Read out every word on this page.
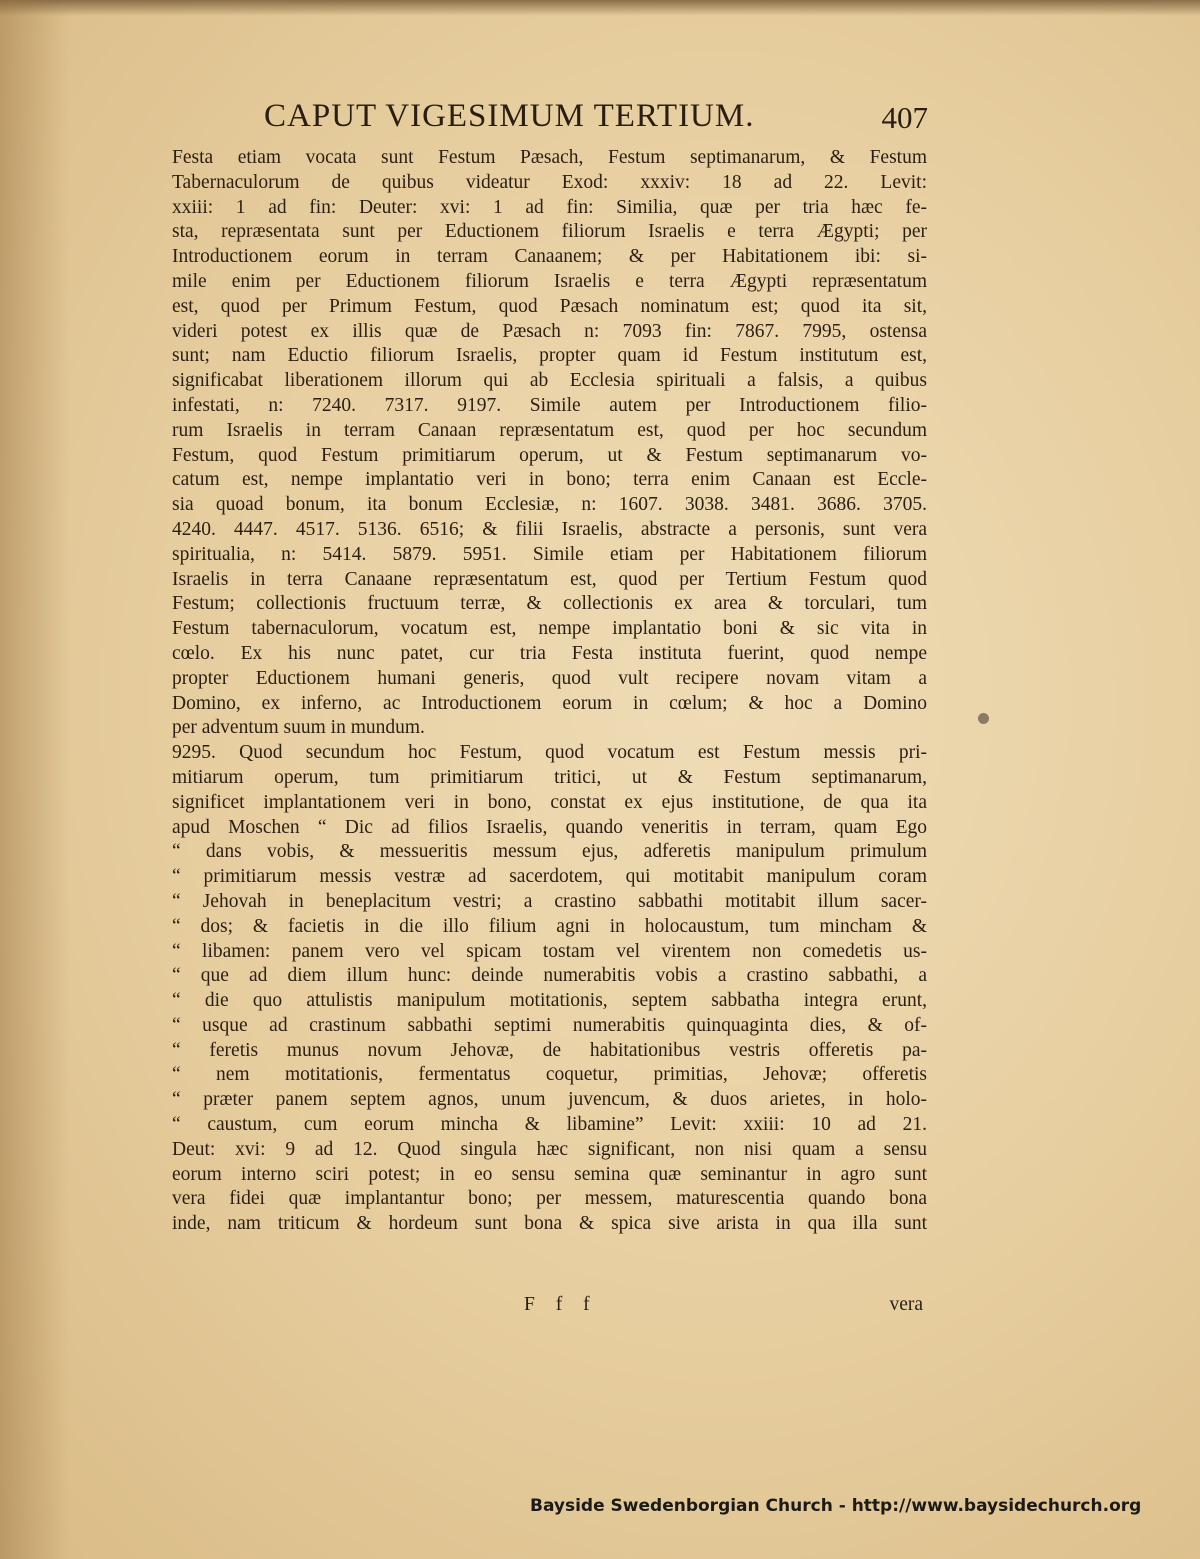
CAPUT VIGESIMUM TERTIUM.	407
Festa etiam vocata sunt Festum Pæsach, Festum septimanarum, & Festum
Tabernaculorum de quibus videatur Exod: xxxiv: 18 ad 22. Levit:
xxiii: 1 ad fin: Deuter: xvi: 1 ad fin: Similia, quæ per tria hæc fe-
sta, repræsentata sunt per Eductionem filiorum Israelis e terra Ægypti; per
Introductionem eorum in terram Canaanem; & per Habitationem ibi: si-
mile enim per Eductionem filiorum Israelis e terra Ægypti repræsentatum
est, quod per Primum Festum, quod Pæsach nominatum est; quod ita sit,
videri potest ex illis quæ de Pæsach n: 7093 fin: 7867. 7995, ostensa
sunt; nam Eductio filiorum Israelis, propter quam id Festum institutum est,
significabat liberationem illorum qui ab Ecclesia spirituali a falsis, a quibus
infestati, n: 7240. 7317. 9197. Simile autem per Introductionem filio-
rum Israelis in terram Canaan repræsentatum est, quod per hoc secundum
Festum, quod Festum primitiarum operum, ut & Festum septimanarum vo-
catum est, nempe implantatio veri in bono; terra enim Canaan est Eccle-
sia quoad bonum, ita bonum Ecclesiæ, n: 1607. 3038. 3481. 3686. 3705.
4240. 4447. 4517. 5136. 6516; & filii Israelis, abstracte a personis, sunt vera
spiritualia, n: 5414. 5879. 5951. Simile etiam per Habitationem filiorum
Israelis in terra Canaane repræsentatum est, quod per Tertium Festum quod
Festum; collectionis fructuum terræ, & collectionis ex area & torculari, tum
Festum tabernaculorum, vocatum est, nempe implantatio boni & sic vita in
cœlo. Ex his nunc patet, cur tria Festa instituta fuerint, quod nempe
propter Eductionem humani generis, quod vult recipere novam vitam a
Domino, ex inferno, ac Introductionem eorum in cœlum; & hoc a Domino
per adventum suum in mundum.
9295. Quod secundum hoc Festum, quod vocatum est Festum messis pri-
mitiarum operum, tum primitiarum tritici, ut & Festum septimanarum,
significet implantationem veri in bono, constat ex ejus institutione, de qua ita
apud Moschen “ Dic ad filios Israelis, quando veneritis in terram, quam Ego
“ dans vobis, & messueritis messum ejus, adferetis manipulum primulum
“ primitiarum messis vestræ ad sacerdotem, qui motitabit manipulum coram
“ Jehovah in beneplacitum vestri; a crastino sabbathi motitabit illum sacer-
“ dos; & facietis in die illo filium agni in holocaustum, tum mincham &
“ libamen: panem vero vel spicam tostam vel virentem non comedetis us-
“ que ad diem illum hunc: deinde numerabitis vobis a crastino sabbathi, a
“ die quo attulistis manipulum motitationis, septem sabbatha integra erunt,
“ usque ad crastinum sabbathi septimi numerabitis quinquaginta dies, & of-
“ feretis munus novum Jehovæ, de habitationibus vestris offeretis pa-
“ nem motitationis, fermentatus coquetur, primitias, Jehovæ; offeretis
“ præter panem septem agnos, unum juvencum, & duos arietes, in holo-
“ caustum, cum eorum mincha & libamine” Levit: xxiii: 10 ad 21.
Deut: xvi: 9 ad 12. Quod singula hæc significant, non nisi quam a sensu
eorum interno sciri potest; in eo sensu semina quæ seminantur in agro sunt
vera fidei quæ implantantur bono; per messem, maturescentia quando bona
inde, nam triticum & hordeum sunt bona & spica sive arista in qua illa sunt
F f f	vera
Bayside Swedenborgian Church - http://www.baysidechurch.org
